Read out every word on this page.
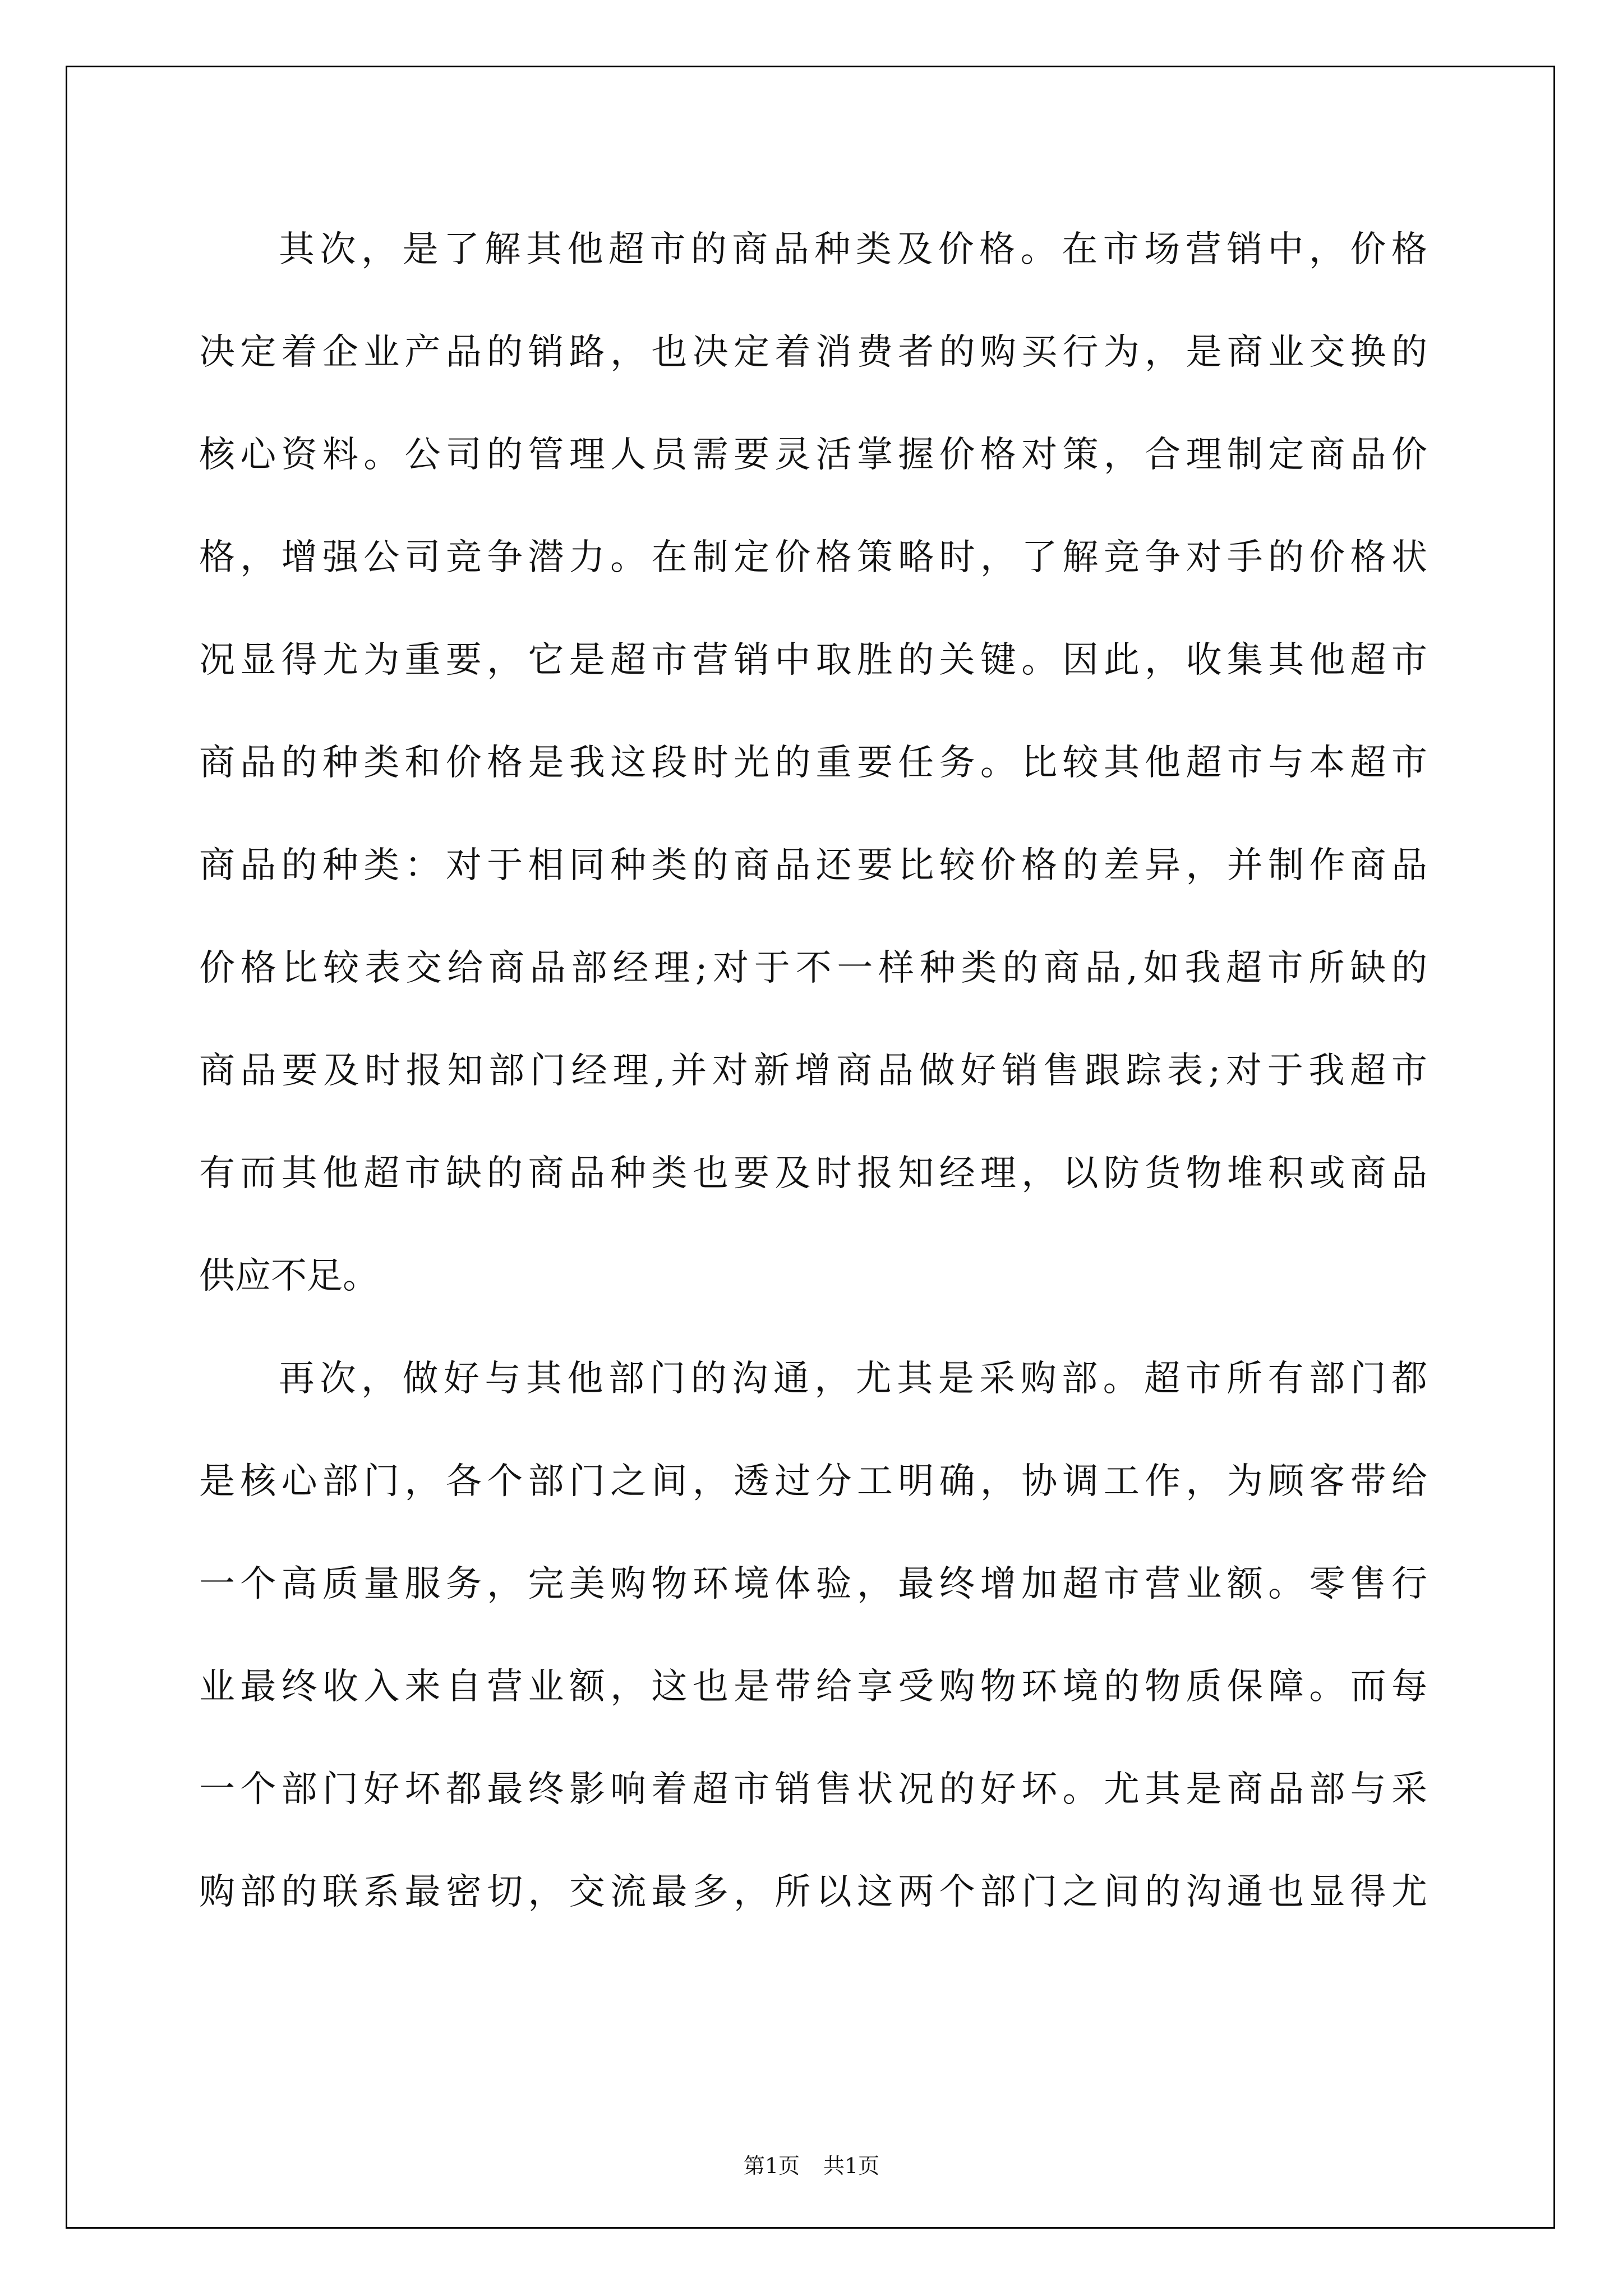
其次，是了解其他超市的商品种类及价格。在市场营销中，价格
决定着企业产品的销路，也决定着消费者的购买行为，是商业交换的
核心资料。公司的管理人员需要灵活掌握价格对策，合理制定商品价
格，增强公司竞争潜力。在制定价格策略时，了解竞争对手的价格状
况显得尤为重要，它是超市营销中取胜的关键。因此，收集其他超市
商品的种类和价格是我这段时光的重要任务。比较其他超市与本超市
商品的种类：对于相同种类的商品还要比较价格的差异，并制作商品
价格比较表交给商品部经理;对于不一样种类的商品,如我超市所缺的
商品要及时报知部门经理,并对新增商品做好销售跟踪表;对于我超市
有而其他超市缺的商品种类也要及时报知经理，以防货物堆积或商品
供应不足。
再次，做好与其他部门的沟通，尤其是采购部。超市所有部门都
是核心部门，各个部门之间，透过分工明确，协调工作，为顾客带给
一个高质量服务，完美购物环境体验，最终增加超市营业额。零售行
业最终收入来自营业额，这也是带给享受购物环境的物质保障。而每
一个部门好坏都最终影响着超市销售状况的好坏。尤其是商品部与采
购部的联系最密切，交流最多，所以这两个部门之间的沟通也显得尤
第1页 共1页
